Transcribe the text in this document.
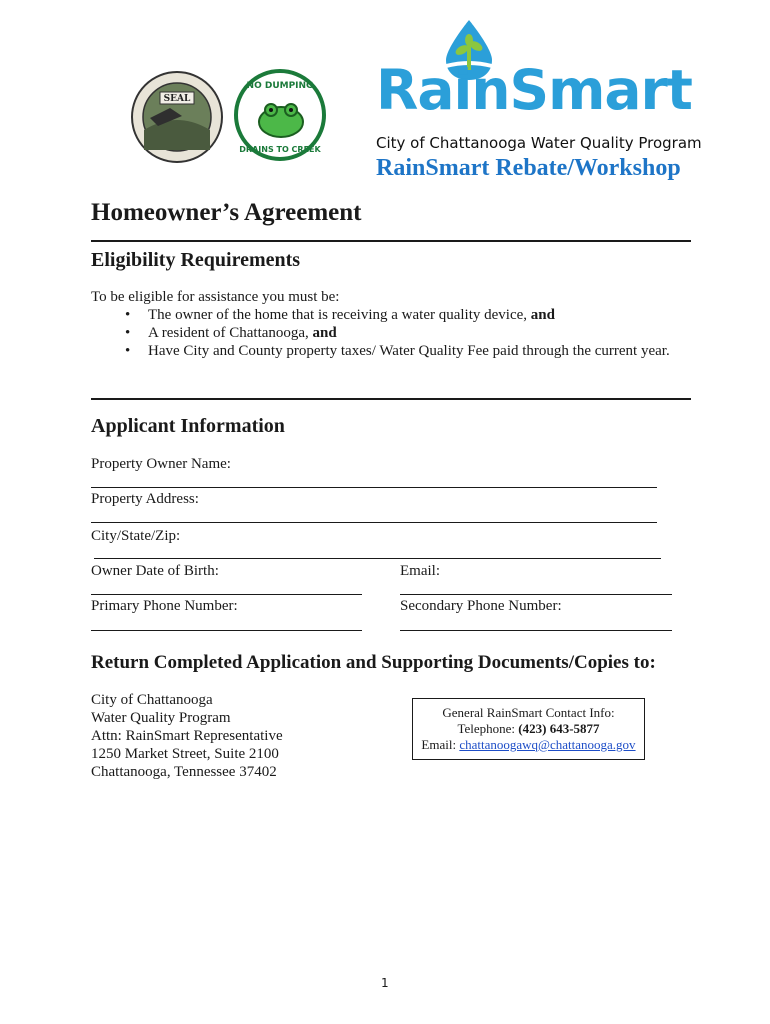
SEAL
NO DUMPING
DRAINS TO CREEK
RainSmart
City of Chattanooga Water Quality Program
RainSmart Rebate/Workshop
Homeowner’s Agreement
Eligibility Requirements
To be eligible for assistance you must be:
• The owner of the home that is receiving a water quality device, and
• A resident of Chattanooga, and
• Have City and County property taxes/ Water Quality Fee paid through the current year.
Applicant Information
Property Owner Name:
Property Address:
City/State/Zip:
Owner Date of Birth:	Email:
Primary Phone Number:	Secondary Phone Number:
Return Completed Application and Supporting Documents/Copies to:
City of Chattanooga
Water Quality Program
Attn: RainSmart Representative
1250 Market Street, Suite 2100
Chattanooga, Tennessee 37402
General RainSmart Contact Info:
Telephone: (423) 643-5877
Email: chattanoogawq@chattanooga.gov
1
